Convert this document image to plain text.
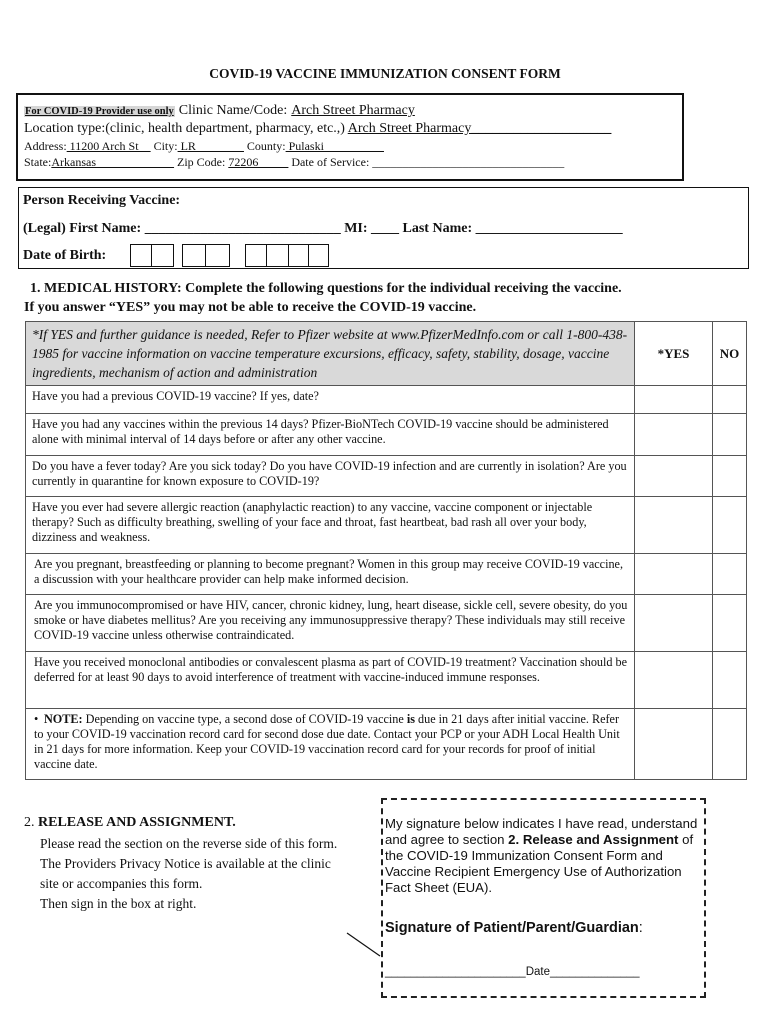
COVID-19 VACCINE IMMUNIZATION CONSENT FORM
For COVID-19 Provider use only Clinic Name/Code: Arch Street Pharmacy
Location type:(clinic, health department, pharmacy, etc.,) Arch Street Pharmacy____________________
Address: 11200 Arch St__ City: LR________ County: Pulaski__________
State:Arkansas_____________ Zip Code: 72206_____ Date of Service: ________________________________
Person Receiving Vaccine:
(Legal) First Name: ____________________________ MI: ____ Last Name: _____________________
Date of Birth:
1. MEDICAL HISTORY: Complete the following questions for the individual receiving the vaccine.
If you answer “YES” you may not be able to receive the COVID-19 vaccine.
*If YES and further guidance is needed, Refer to Pfizer website at www.PfizerMedInfo.com or call 1-800-438-1985 for vaccine information on vaccine temperature excursions, efficacy, safety, stability, dosage, vaccine ingredients, mechanism of action and administration	*YES	NO
Have you had a previous COVID-19 vaccine? If yes, date?		
Have you had any vaccines within the previous 14 days? Pfizer-BioNTech COVID-19 vaccine should be administered alone with minimal interval of 14 days before or after any other vaccine.		
Do you have a fever today? Are you sick today? Do you have COVID-19 infection and are currently in isolation? Are you currently in quarantine for known exposure to COVID-19?		
Have you ever had severe allergic reaction (anaphylactic reaction) to any vaccine, vaccine component or injectable therapy? Such as difficulty breathing, swelling of your face and throat, fast heartbeat, bad rash all over your body, dizziness and weakness.		
Are you pregnant, breastfeeding or planning to become pregnant? Women in this group may receive COVID-19 vaccine, a discussion with your healthcare provider can help make informed decision.		
Are you immunocompromised or have HIV, cancer, chronic kidney, lung, heart disease, sickle cell, severe obesity, do you smoke or have diabetes mellitus? Are you receiving any immunosuppressive therapy? These individuals may still receive COVID-19 vaccine unless otherwise contraindicated.		
Have you received monoclonal antibodies or convalescent plasma as part of COVID-19 treatment? Vaccination should be deferred for at least 90 days to avoid interference of treatment with vaccine-induced immune responses.		
• NOTE: Depending on vaccine type, a second dose of COVID-19 vaccine is due in 21 days after initial vaccine. Refer to your COVID-19 vaccination record card for second dose due date. Contact your PCP or your ADH Local Health Unit in 21 days for more information. Keep your COVID-19 vaccination record card for your records for proof of initial vaccine date.		
2. RELEASE AND ASSIGNMENT.
Please read the section on the reverse side of this form.
The Providers Privacy Notice is available at the clinic
site or accompanies this form.
Then sign in the box at right.
My signature below indicates I have read, understand and agree to section 2. Release and Assignment of the COVID-19 Immunization Consent Form and Vaccine Recipient Emergency Use of Authorization Fact Sheet (EUA).
Signature of Patient/Parent/Guardian:
______________________Date______________
